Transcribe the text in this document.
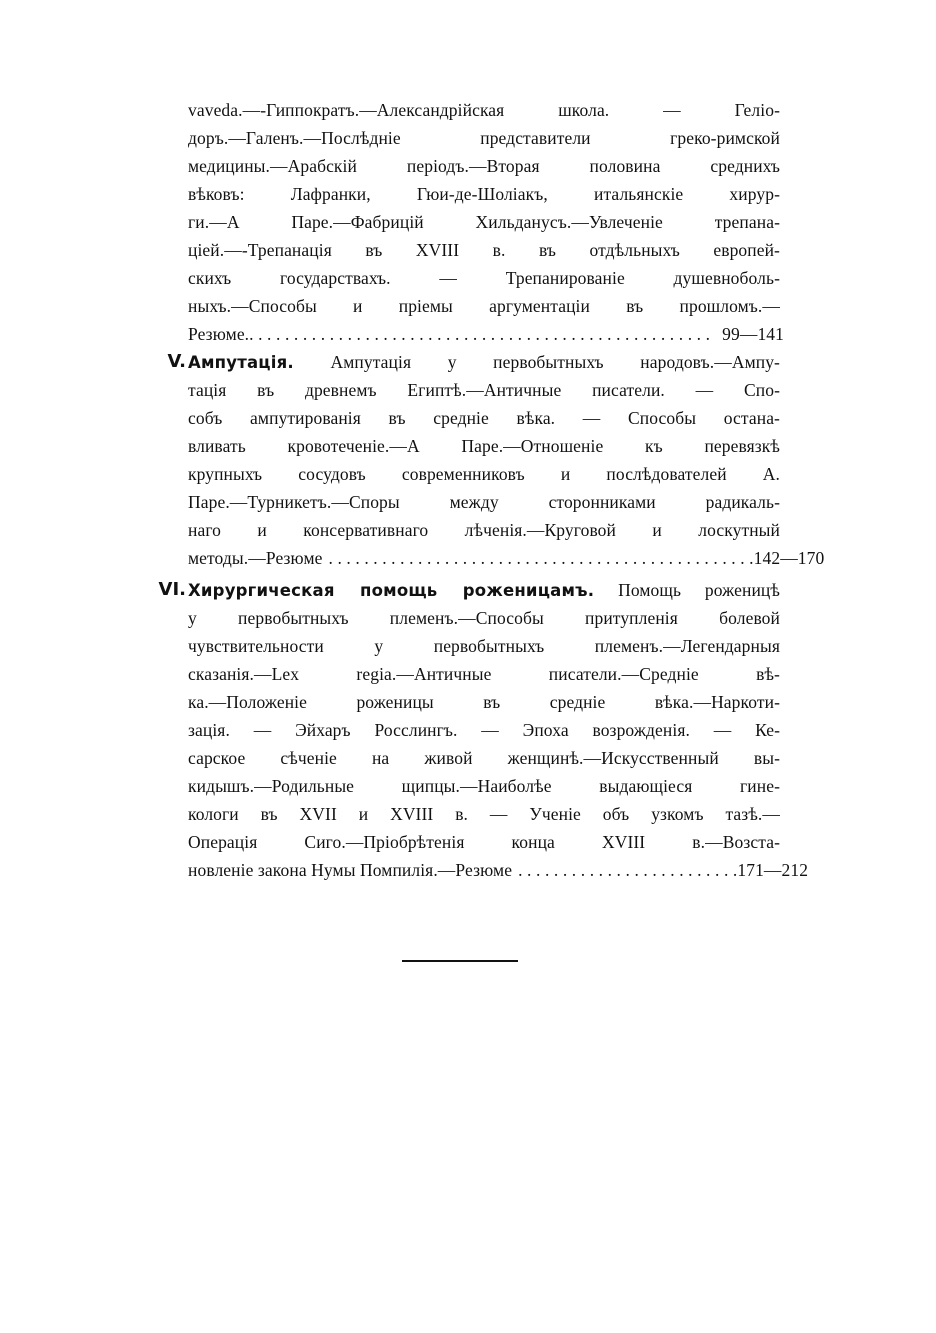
vaveda.—-Гиппократъ.—Александрійская школа. — Геліо-
доръ.—Галенъ.—Послѣдніе представители греко-римской
медицины.—Арабскій періодъ.—Вторая половина среднихъ
вѣковъ: Лафранки, Гюи-де-Шоліакъ, итальянскіе хирур-
ги.—А Парe.—Фабрицій Хильданусъ.—Увлеченіе трепана-
ціей.—-Трепанація въ XVIII в. въ отдѣльныхъ европей-
скихъ государствахъ. — Трепанированіе душевноболь-
ныхъ.—Способы и пріемы аргументаціи въ прошломъ.—
Резюме. . . . . . . . . . . . . . . . . . . . . . . . . . . . . . . . . . . . . . . . . . . . . . . . . . . . . 99—141
V. Ампутація. Ампутація у первобытныхъ народовъ.—Ампу-
тація въ древнемъ Египтѣ.—Античные писатели. — Спо-
собъ ампутированія въ средніе вѣка. — Способы остана-
вливать кровотеченіе.—А Парe.—Отношеніе къ перевязкѣ
крупныхъ сосудовъ современниковъ и послѣдователей А.
Парe.—Турникетъ.—Споры между сторонниками радикаль-
наго и консервативнаго лѣченія.—Круговой и лоскутный
методы.—Резюме . . . . . . . . . . . . . . . . . . . . . . . . . . . . . . . . . . . . . . . . . . . . . . . . 142—170
VI. Хирургическая помощь роженицамъ. Помощь роженицѣ
у первобытныхъ племенъ.—Способы притупленія болевой
чувствительности у первобытныхъ племенъ.—Легендарныя
сказанія.—Lex regia.—Античные писатели.—Средніе вѣ-
ка.—Положеніе роженицы въ средніе вѣка.—Наркоти-
зація. — Эйхаръ Росслингъ. — Эпоха возрожденія. — Ке-
сарское сѣченіе на живой женщинѣ.—Искусственный вы-
кидышъ.—Родильные щипцы.—Наиболѣе выдающіеся гине-
кологи въ XVII и XVIII в. — Ученіе объ узкомъ тазѣ.—
Операція Сиго.—Пріобрѣтенія конца XVIII в.—Возста-
новленіе закона Нумы Помпилія.—Резюме . . . . . . . . . . . . . . . . . . . . . . . . . 171—212
